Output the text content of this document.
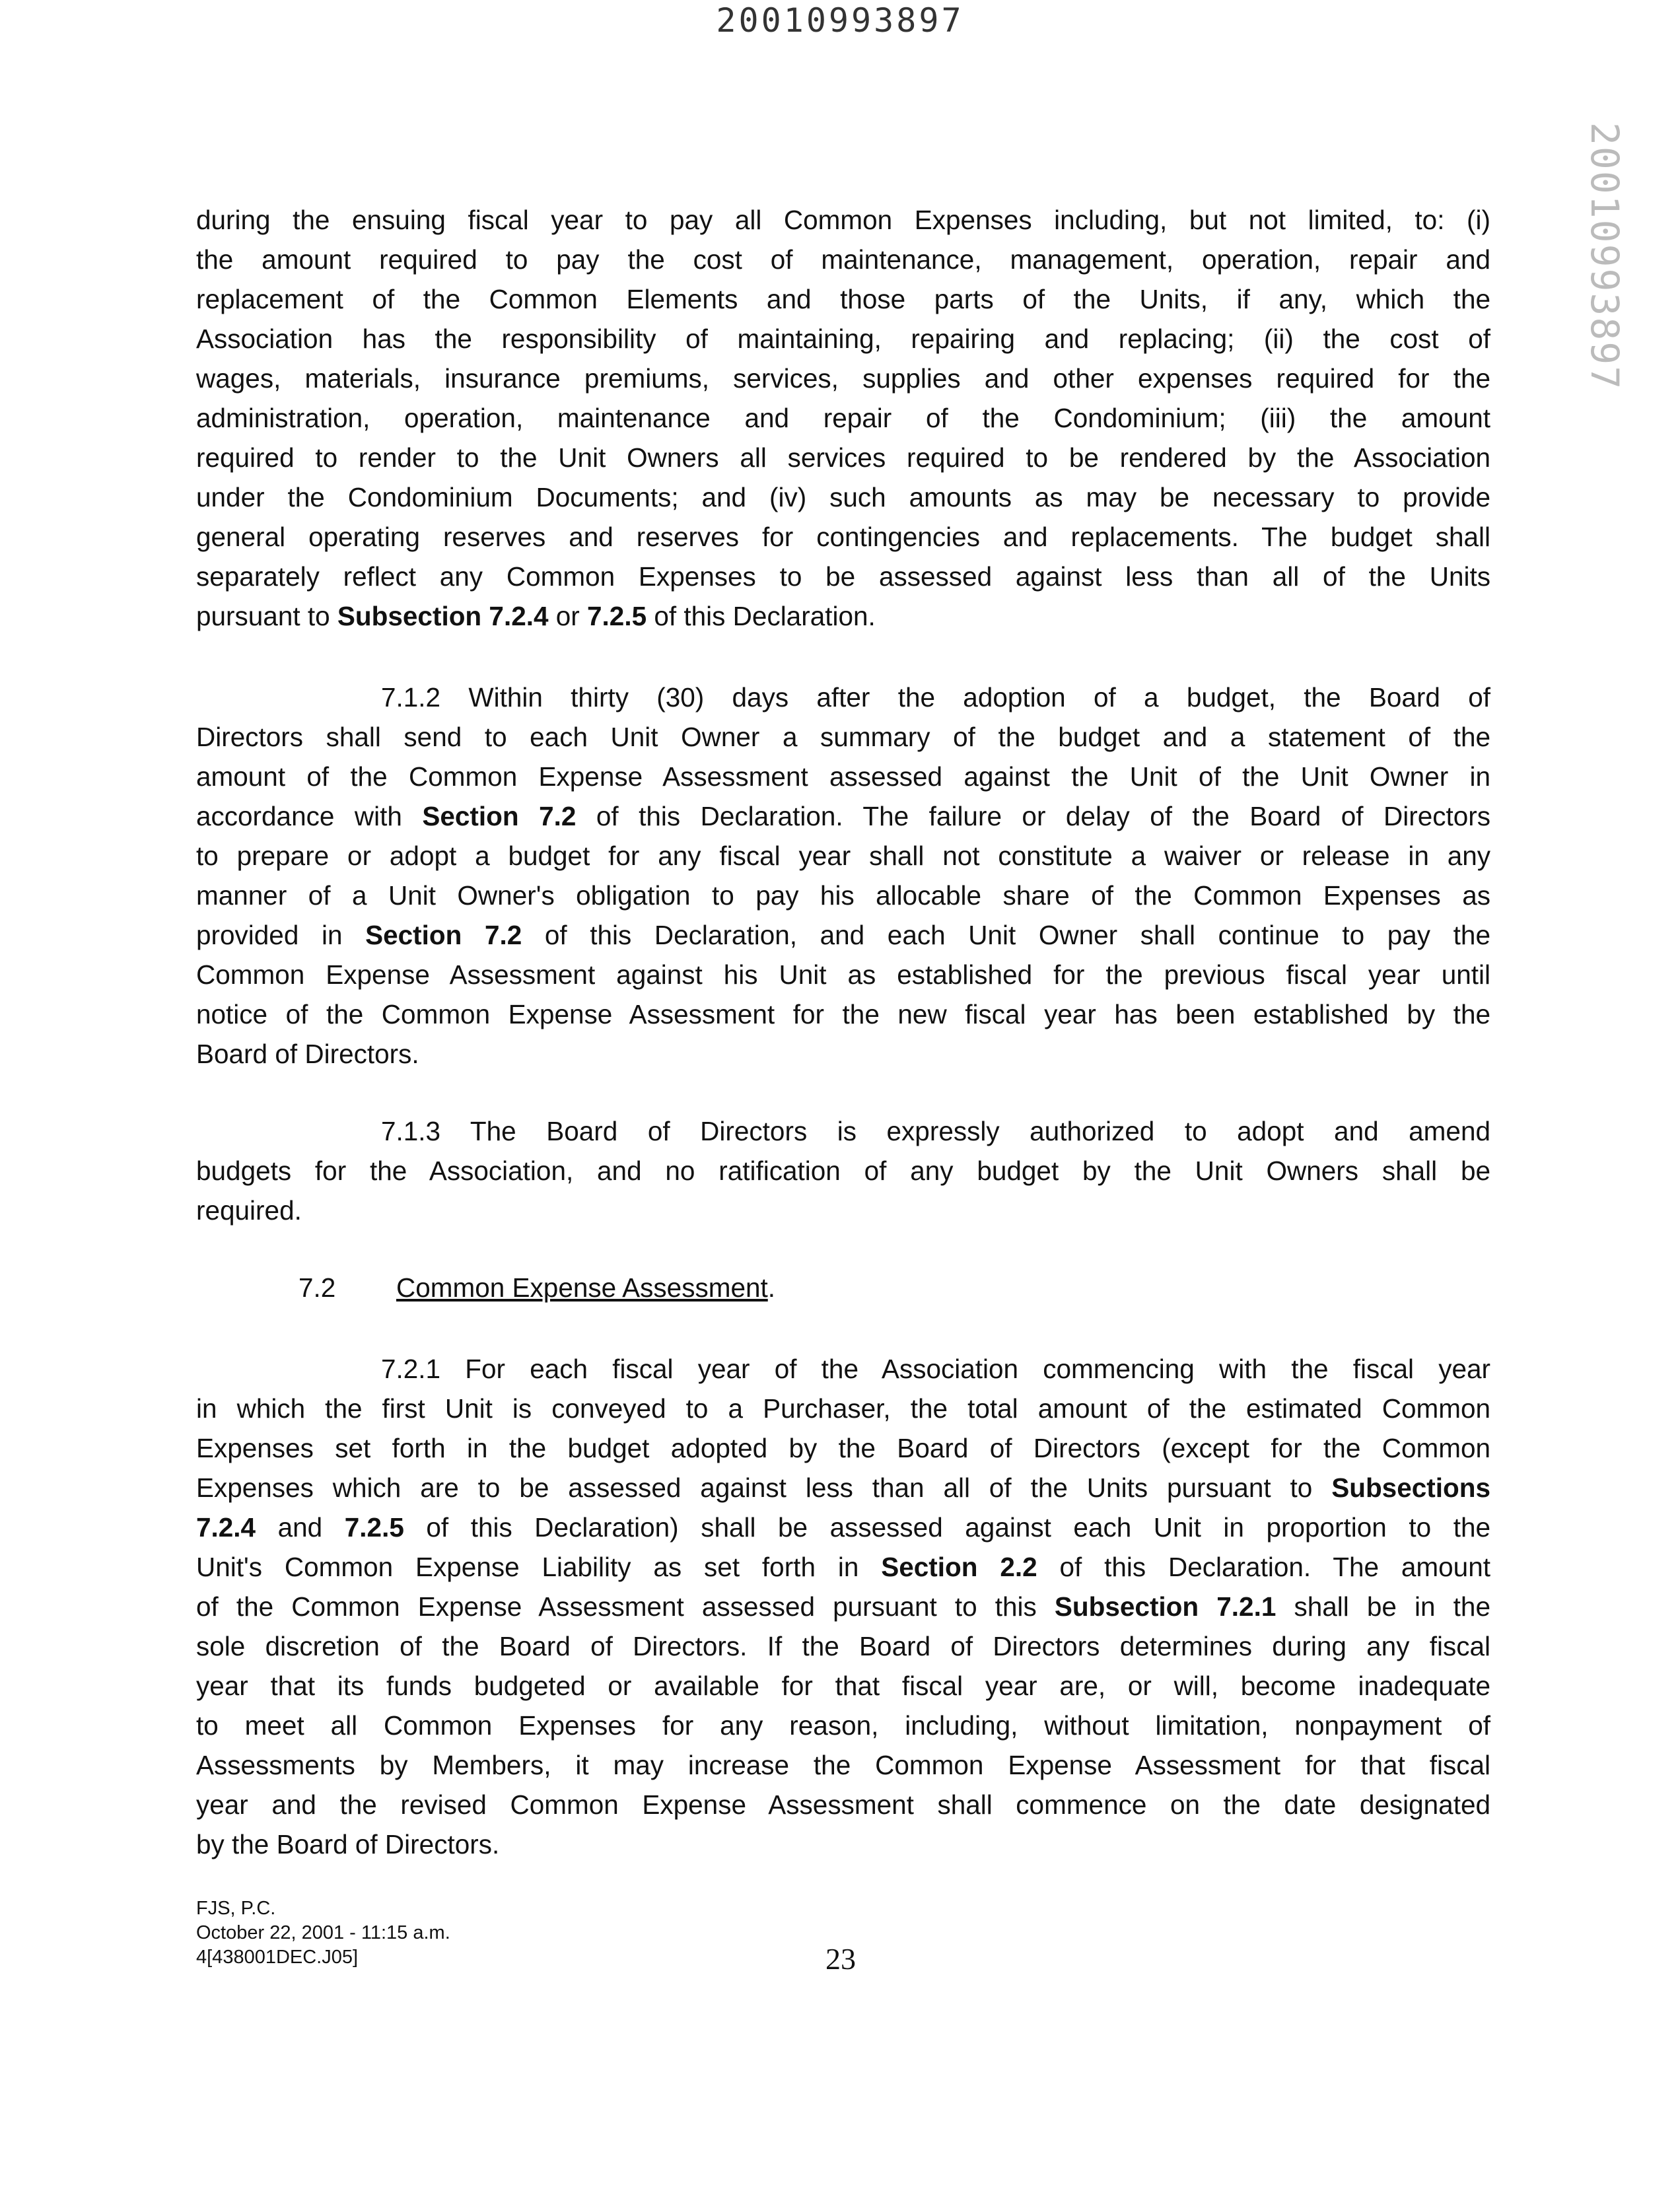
20010993897
20010993897
during the ensuing fiscal year to pay all Common Expenses including, but not limited, to: (i)
the amount required to pay the cost of maintenance, management, operation, repair and
replacement of the Common Elements and those parts of the Units, if any, which the
Association has the responsibility of maintaining, repairing and replacing; (ii) the cost of
wages, materials, insurance premiums, services, supplies and other expenses required for the
administration, operation, maintenance and repair of the Condominium; (iii) the amount
required to render to the Unit Owners all services required to be rendered by the Association
under the Condominium Documents; and (iv) such amounts as may be necessary to provide
general operating reserves and reserves for contingencies and replacements. The budget shall
separately reflect any Common Expenses to be assessed against less than all of the Units
pursuant to Subsection 7.2.4 or 7.2.5 of this Declaration.
7.1.2 Within thirty (30) days after the adoption of a budget, the Board of
Directors shall send to each Unit Owner a summary of the budget and a statement of the
amount of the Common Expense Assessment assessed against the Unit of the Unit Owner in
accordance with Section 7.2 of this Declaration. The failure or delay of the Board of Directors
to prepare or adopt a budget for any fiscal year shall not constitute a waiver or release in any
manner of a Unit Owner's obligation to pay his allocable share of the Common Expenses as
provided in Section 7.2 of this Declaration, and each Unit Owner shall continue to pay the
Common Expense Assessment against his Unit as established for the previous fiscal year until
notice of the Common Expense Assessment for the new fiscal year has been established by the
Board of Directors.
7.1.3 The Board of Directors is expressly authorized to adopt and amend
budgets for the Association, and no ratification of any budget by the Unit Owners shall be
required.
7.2 Common Expense Assessment.
7.2.1 For each fiscal year of the Association commencing with the fiscal year
in which the first Unit is conveyed to a Purchaser, the total amount of the estimated Common
Expenses set forth in the budget adopted by the Board of Directors (except for the Common
Expenses which are to be assessed against less than all of the Units pursuant to Subsections
7.2.4 and 7.2.5 of this Declaration) shall be assessed against each Unit in proportion to the
Unit's Common Expense Liability as set forth in Section 2.2 of this Declaration. The amount
of the Common Expense Assessment assessed pursuant to this Subsection 7.2.1 shall be in the
sole discretion of the Board of Directors. If the Board of Directors determines during any fiscal
year that its funds budgeted or available for that fiscal year are, or will, become inadequate
to meet all Common Expenses for any reason, including, without limitation, nonpayment of
Assessments by Members, it may increase the Common Expense Assessment for that fiscal
year and the revised Common Expense Assessment shall commence on the date designated
by the Board of Directors.
FJS, P.C.
October 22, 2001 - 11:15 a.m.
4[438001DEC.J05]	23
